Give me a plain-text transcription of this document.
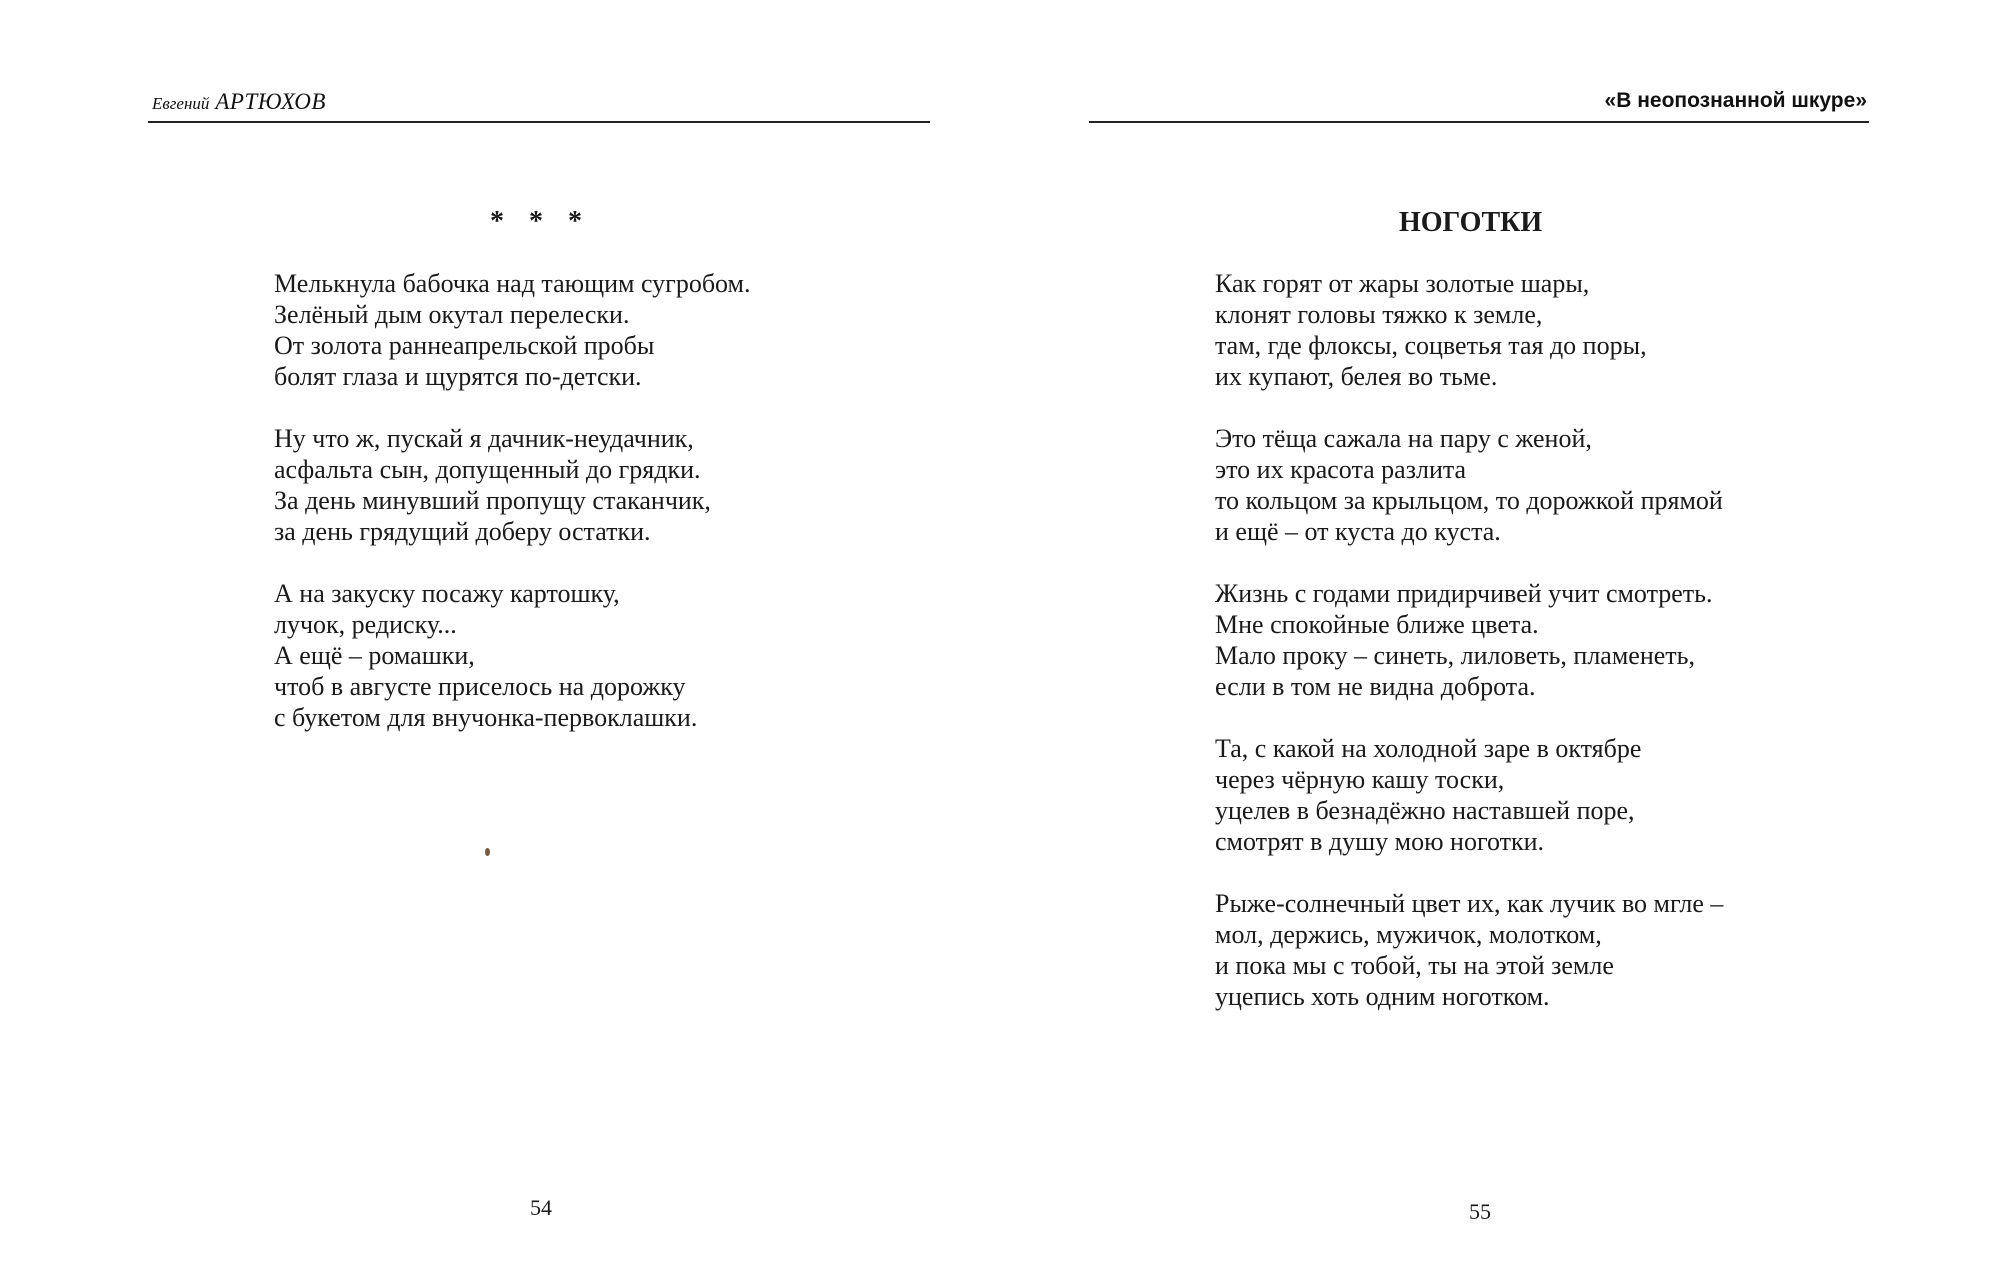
Евгений АРТЮХОВ
* * *
Мелькнула бабочка над тающим сугробом.
Зелёный дым окутал перелески.
От золота раннеапрельской пробы
болят глаза и щурятся по-детски.
Ну что ж, пускай я дачник-неудачник,
асфальта сын, допущенный до грядки.
За день минувший пропущу стаканчик,
за день грядущий доберу остатки.
А на закуску посажу картошку,
лучок, редиску...
А ещё – ромашки,
чтоб в августе приселось на дорожку
с букетом для внучонка-первоклашки.
54
«В неопознанной шкуре»
НОГОТКИ
Как горят от жары золотые шары,
клонят головы тяжко к земле,
там, где флоксы, соцветья тая до поры,
их купают, белея во тьме.
Это тёща сажала на пару с женой,
это их красота разлита
то кольцом за крыльцом, то дорожкой прямой
и ещё – от куста до куста.
Жизнь с годами придирчивей учит смотреть.
Мне спокойные ближе цвета.
Мало проку – синеть, лиловеть, пламенеть,
если в том не видна доброта.
Та, с какой на холодной заре в октябре
через чёрную кашу тоски,
уцелев в безнадёжно наставшей поре,
смотрят в душу мою ноготки.
Рыже-солнечный цвет их, как лучик во мгле –
мол, держись, мужичок, молотком,
и пока мы с тобой, ты на этой земле
уцепись хоть одним ноготком.
55
